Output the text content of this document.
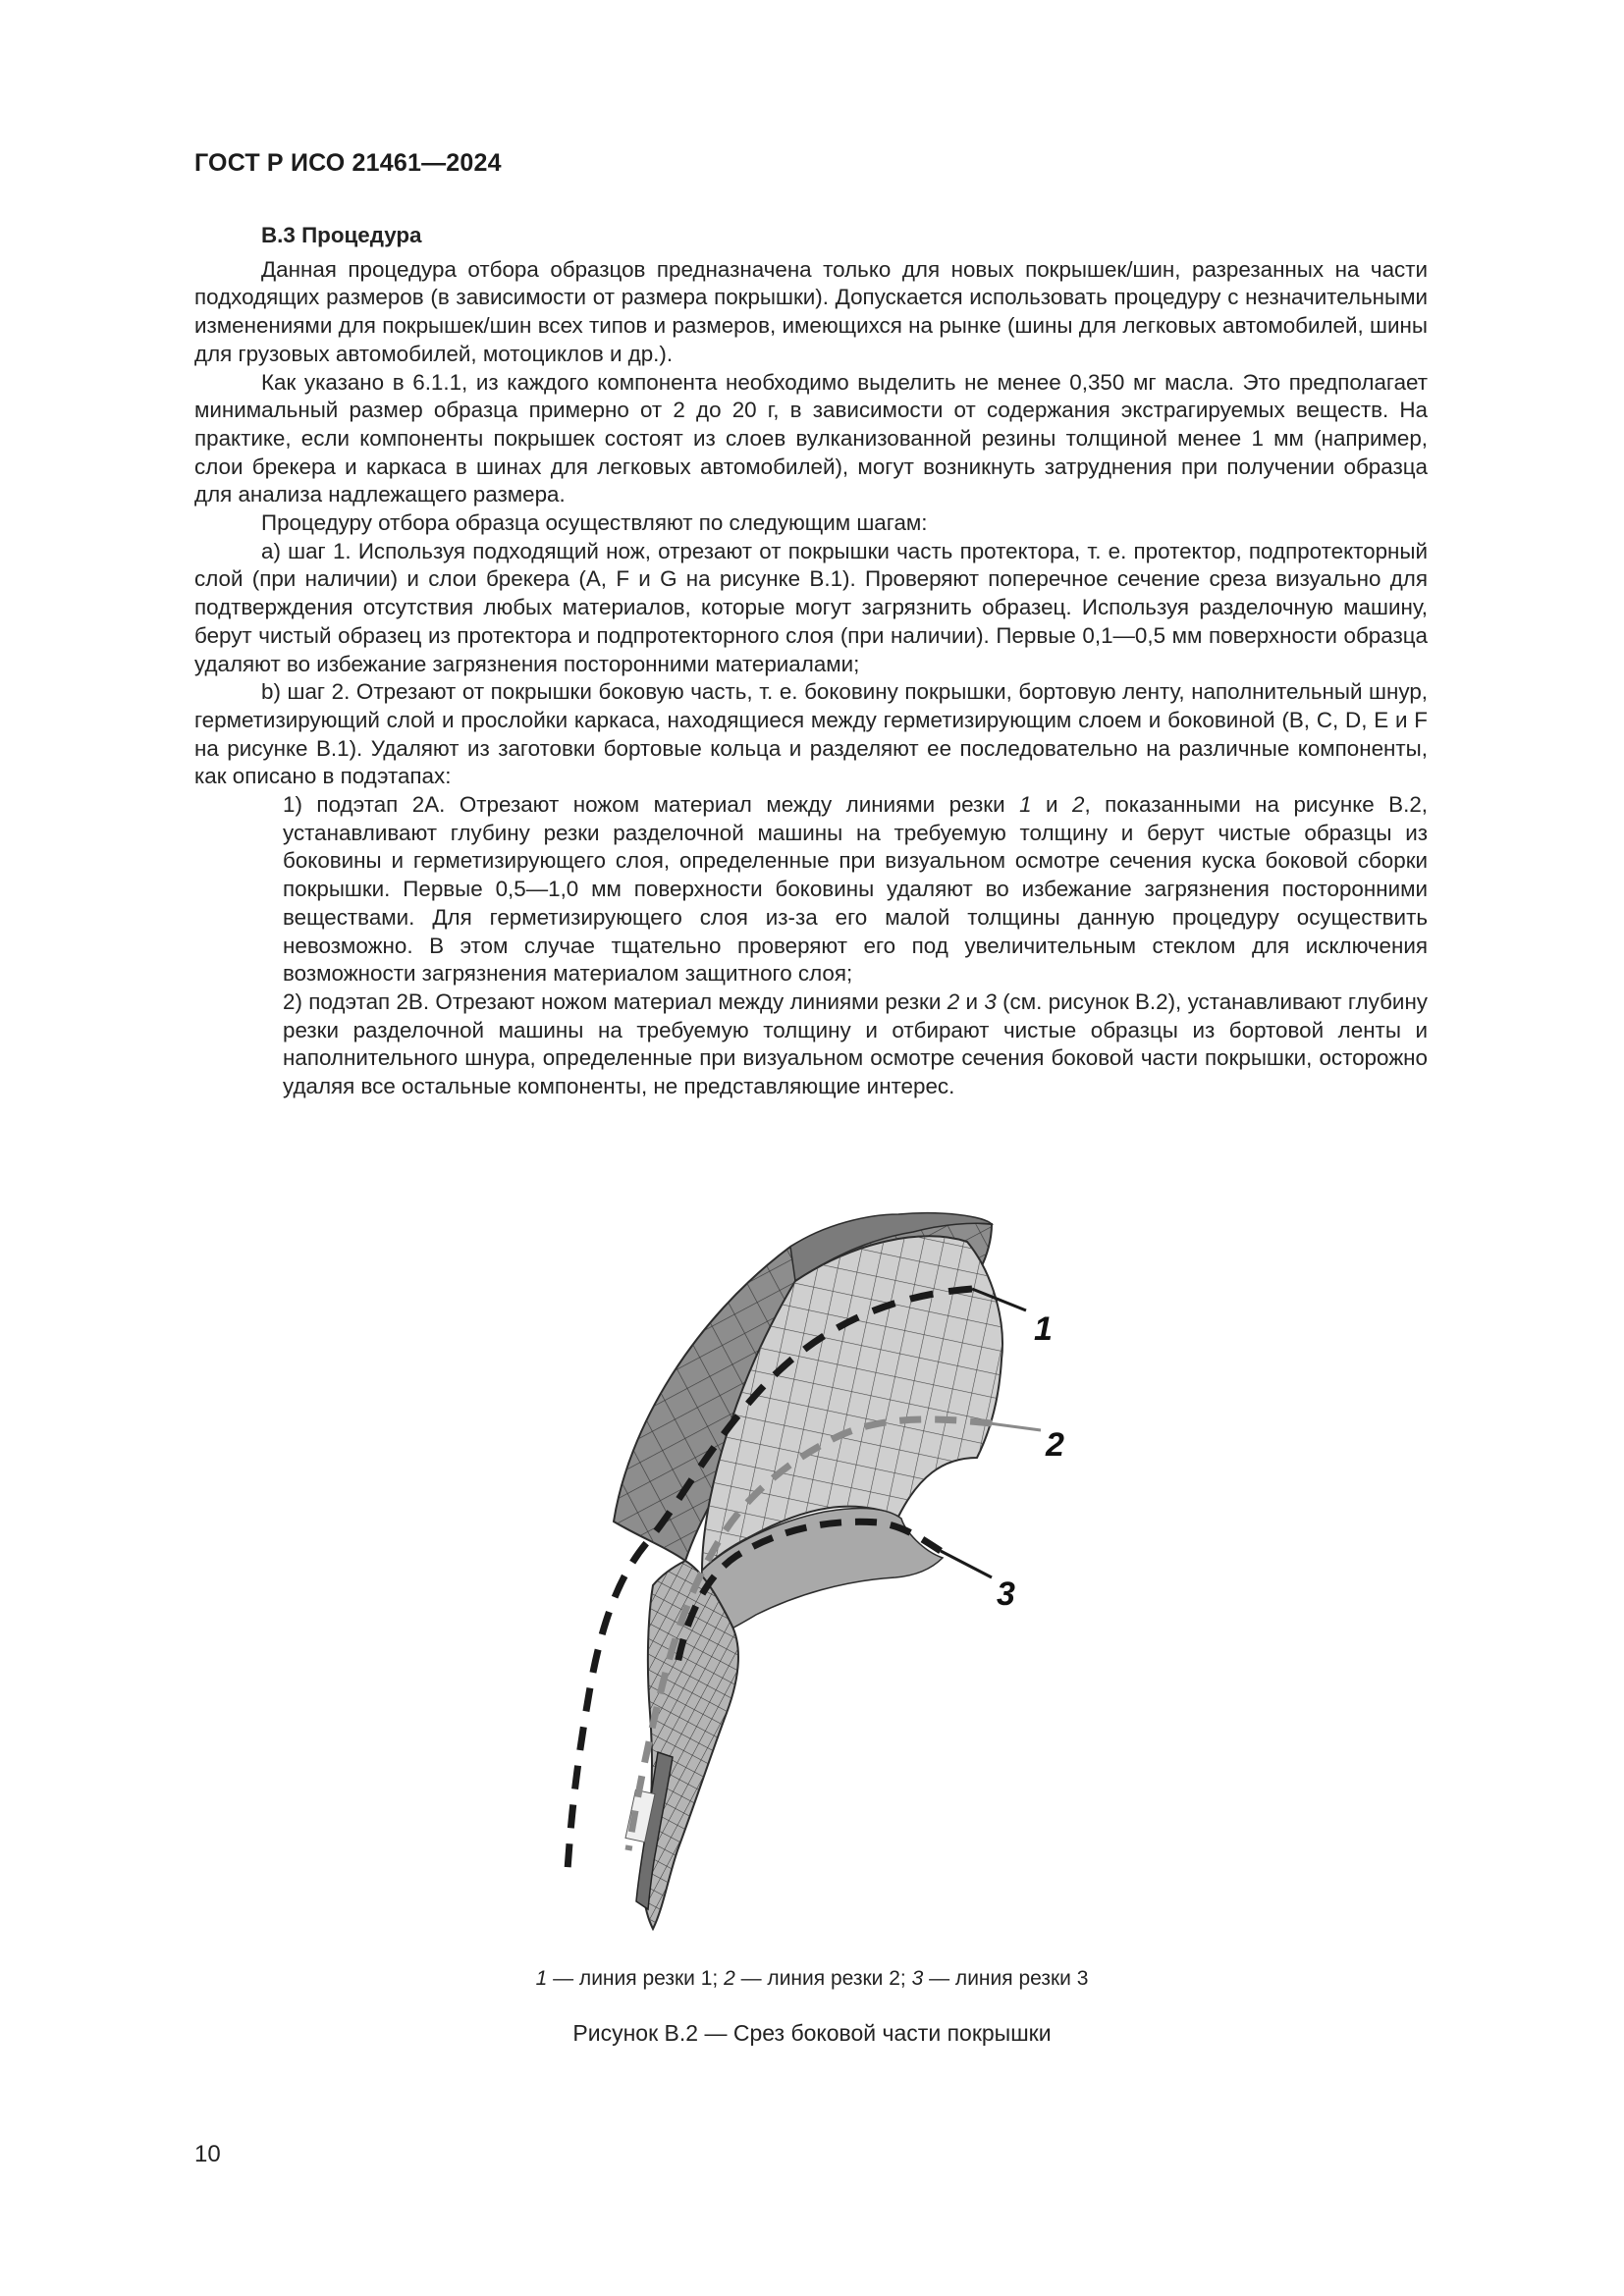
ГОСТ Р ИСО 21461—2024

В.3 Процедура

Данная процедура отбора образцов предназначена только для новых покрышек/шин, разрезанных на части подходящих размеров (в зависимости от размера покрышки). Допускается использовать процедуру с незначительными изменениями для покрышек/шин всех типов и размеров, имеющихся на рынке (шины для легковых автомобилей, шины для грузовых автомобилей, мотоциклов и др.).

Как указано в 6.1.1, из каждого компонента необходимо выделить не менее 0,350 мг масла. Это предполагает минимальный размер образца примерно от 2 до 20 г, в зависимости от содержания экстрагируемых веществ. На практике, если компоненты покрышек состоят из слоев вулканизованной резины толщиной менее 1 мм (например, слои брекера и каркаса в шинах для легковых автомобилей), могут возникнуть затруднения при получении образца для анализа надлежащего размера.

Процедуру отбора образца осуществляют по следующим шагам:

a) шаг 1. Используя подходящий нож, отрезают от покрышки часть протектора, т. е. протектор, подпротекторный слой (при наличии) и слои брекера (A, F и G на рисунке В.1). Проверяют поперечное сечение среза визуально для подтверждения отсутствия любых материалов, которые могут загрязнить образец. Используя разделочную машину, берут чистый образец из протектора и подпротекторного слоя (при наличии). Первые 0,1—0,5 мм поверхности образца удаляют во избежание загрязнения посторонними материалами;

b) шаг 2. Отрезают от покрышки боковую часть, т. е. боковину покрышки, бортовую ленту, наполнительный шнур, герметизирующий слой и прослойки каркаса, находящиеся между герметизирующим слоем и боковиной (B, C, D, E и F на рисунке В.1). Удаляют из заготовки бортовые кольца и разделяют ее последовательно на различные компоненты, как описано в подэтапах:

1) подэтап 2A. Отрезают ножом материал между линиями резки 1 и 2, показанными на рисунке В.2, устанавливают глубину резки разделочной машины на требуемую толщину и берут чистые образцы из боковины и герметизирующего слоя, определенные при визуальном осмотре сечения куска боковой сборки покрышки. Первые 0,5—1,0 мм поверхности боковины удаляют во избежание загрязнения посторонними веществами. Для герметизирующего слоя из-за его малой толщины данную процедуру осуществить невозможно. В этом случае тщательно проверяют его под увеличительным стеклом для исключения возможности загрязнения материалом защитного слоя;

2) подэтап 2B. Отрезают ножом материал между линиями резки 2 и 3 (см. рисунок В.2), устанавливают глубину резки разделочной машины на требуемую толщину и отбирают чистые образцы из бортовой ленты и наполнительного шнура, определенные при визуальном осмотре сечения боковой части покрышки, осторожно удаляя все остальные компоненты, не представляющие интерес.

1
2
3
1 — линия резки 1; 2 — линия резки 2; 3 — линия резки 3
Рисунок В.2 — Срез боковой части покрышки
10
